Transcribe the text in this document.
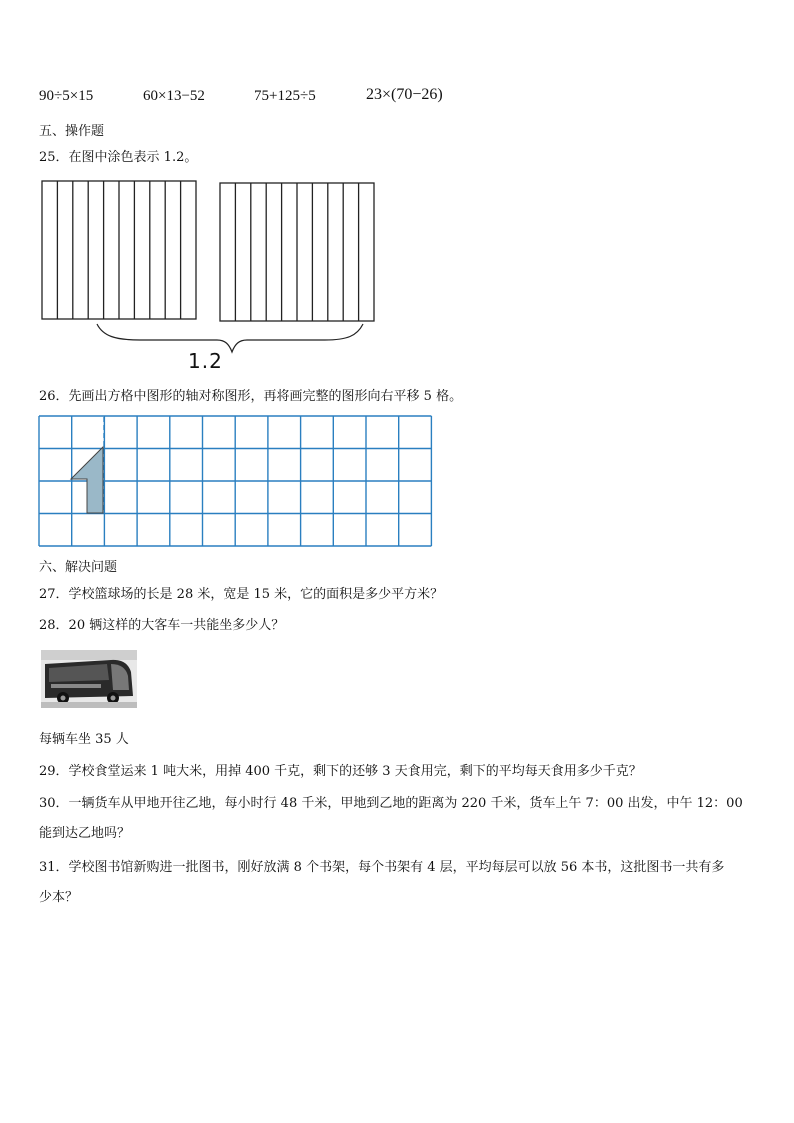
90÷5×15	60×13−52	75+125÷5	23×(70−26)
五、操作题
25．在图中涂色表示 1.2。
1.2
26．先画出方格中图形的轴对称图形，再将画完整的图形向右平移 5 格。
六、解决问题
27．学校篮球场的长是 28 米，宽是 15 米，它的面积是多少平方米？
28．20 辆这样的大客车一共能坐多少人？
每辆车坐 35 人
29．学校食堂运来 1 吨大米，用掉 400 千克，剩下的还够 3 天食用完，剩下的平均每天食用多少千克？
30．一辆货车从甲地开往乙地，每小时行 48 千米，甲地到乙地的距离为 220 千米，货车上午 7：00 出发，中午 12：00
能到达乙地吗？
31．学校图书馆新购进一批图书，刚好放满 8 个书架，每个书架有 4 层，平均每层可以放 56 本书，这批图书一共有多
少本？
